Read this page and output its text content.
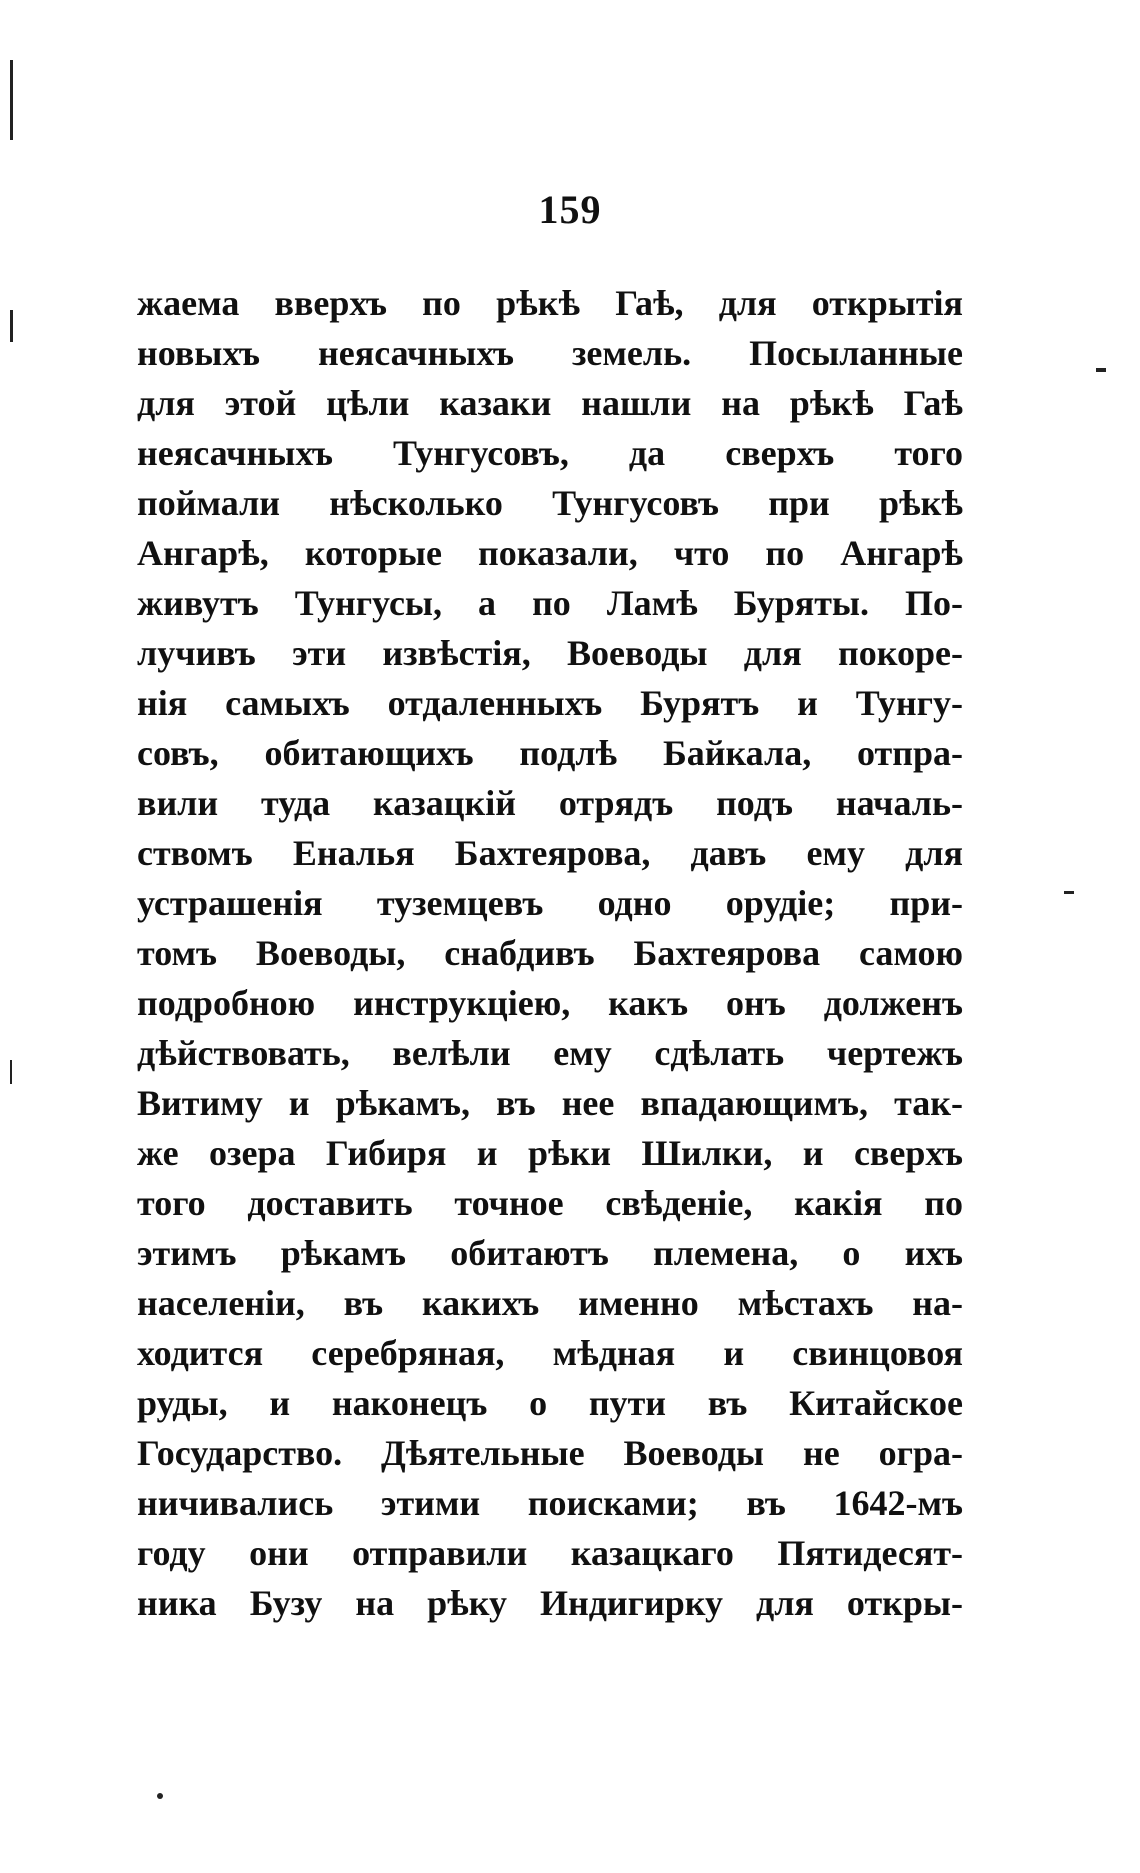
159
жаема вверхъ по рѣкѣ Гаѣ, для открытія
новыхъ неясачныхъ земель. Посыланные
для этой цѣли казаки нашли на рѣкѣ Гаѣ
неясачныхъ Тунгусовъ, да сверхъ того
поймали нѣсколько Тунгусовъ при рѣкѣ
Ангарѣ, которые показали, что по Ангарѣ
живутъ Тунгусы, а по Ламѣ Буряты. По-
лучивъ эти извѣстія, Воеводы для покоре-
нія самыхъ отдаленныхъ Бурятъ и Тунгу-
совъ, обитающихъ подлѣ Байкала, отпра-
вили туда казацкій отрядъ подъ началь-
ствомъ Еналья Бахтеярова, давъ ему для
устрашенія туземцевъ одно орудіе; при-
томъ Воеводы, снабдивъ Бахтеярова самою
подробною инструкціею, какъ онъ долженъ
дѣйствовать, велѣли ему сдѣлать чертежъ
Витиму и рѣкамъ, въ нее впадающимъ, так-
же озера Гибиря и рѣки Шилки, и сверхъ
того доставить точное свѣденіе, какія по
этимъ рѣкамъ обитаютъ племена, о ихъ
населеніи, въ какихъ именно мѣстахъ на-
ходится серебряная, мѣдная и свинцовоя
руды, и наконецъ о пути въ Китайское
Государство. Дѣятельные Воеводы не огра-
ничивались этими поисками; въ 1642-мъ
году они отправили казацкаго Пятидесят-
ника Бузу на рѣку Индигирку для откры-
